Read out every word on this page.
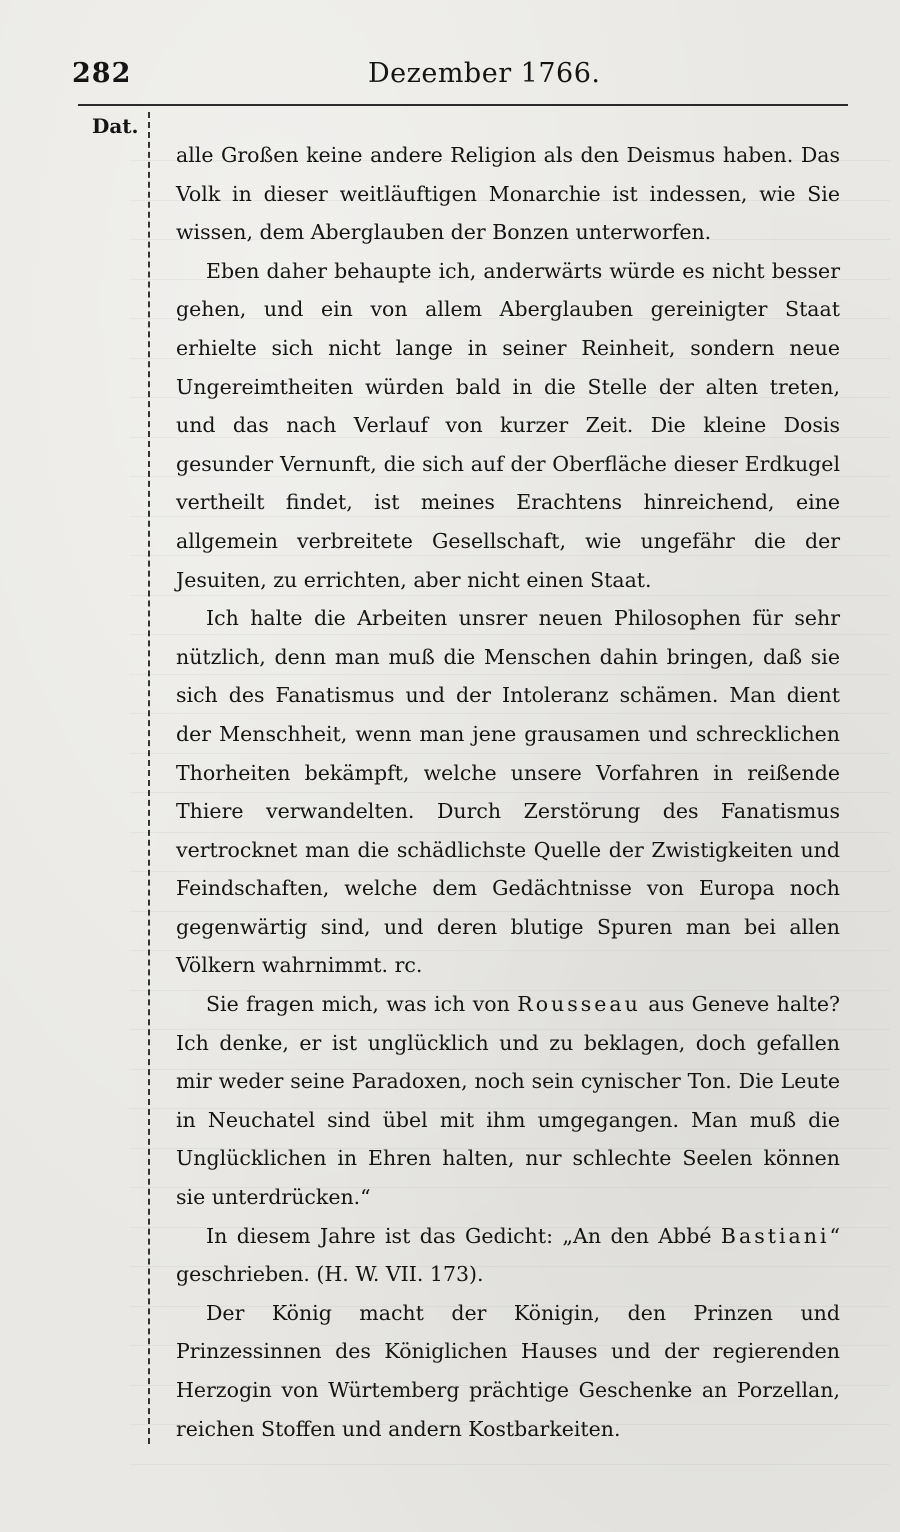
282	Dezember 1766.
Dat.

alle Großen keine andere Religion als den Deismus haben. Das Volk in dieser weitläuftigen Monarchie ist indessen, wie Sie wissen, dem Aberglauben der Bonzen unterworfen.

Eben daher behaupte ich, anderwärts würde es nicht besser gehen, und ein von allem Aberglauben gereinigter Staat erhielte sich nicht lange in seiner Reinheit, sondern neue Ungereimtheiten würden bald in die Stelle der alten treten, und das nach Verlauf von kurzer Zeit. Die kleine Dosis gesunder Vernunft, die sich auf der Oberfläche dieser Erdkugel vertheilt findet, ist meines Erachtens hinreichend, eine allgemein verbreitete Gesellschaft, wie ungefähr die der Jesuiten, zu errichten, aber nicht einen Staat.

Ich halte die Arbeiten unsrer neuen Philosophen für sehr nützlich, denn man muß die Menschen dahin bringen, daß sie sich des Fanatismus und der Intoleranz schämen. Man dient der Menschheit, wenn man jene grausamen und schrecklichen Thorheiten bekämpft, welche unsere Vorfahren in reißende Thiere verwandelten. Durch Zerstörung des Fanatismus vertrocknet man die schädlichste Quelle der Zwistigkeiten und Feindschaften, welche dem Gedächtnisse von Europa noch gegenwärtig sind, und deren blutige Spuren man bei allen Völkern wahrnimmt. rc.

Sie fragen mich, was ich von Rousseau aus Geneve halte? Ich denke, er ist unglücklich und zu beklagen, doch gefallen mir weder seine Paradoxen, noch sein cynischer Ton. Die Leute in Neuchatel sind übel mit ihm umgegangen. Man muß die Unglücklichen in Ehren halten, nur schlechte Seelen können sie unterdrücken.“

In diesem Jahre ist das Gedicht: „An den Abbé Bastiani“ geschrieben. (H. W. VII. 173).

Der König macht der Königin, den Prinzen und Prinzessinnen des Königlichen Hauses und der regierenden Herzogin von Würtemberg prächtige Geschenke an Porzellan, reichen Stoffen und andern Kostbarkeiten.
